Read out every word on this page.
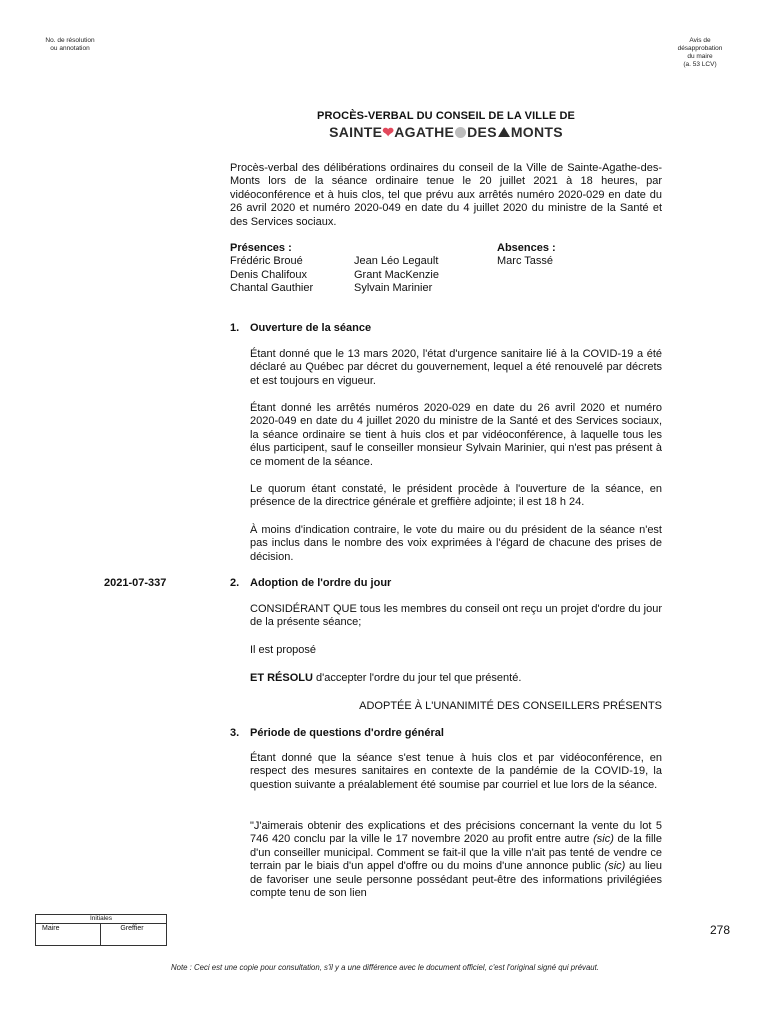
No. de résolution
ou annotation
Avis de
désapprobation
du maire
(a. 53 LCV)
PROCÈS-VERBAL DU CONSEIL DE LA VILLE DE
SAINTE❤AGATHE DES MONTS
Procès-verbal des délibérations ordinaires du conseil de la Ville de Sainte-Agathe-des-Monts lors de la séance ordinaire tenue le 20 juillet 2021 à 18 heures, par vidéoconférence et à huis clos, tel que prévu aux arrêtés numéro 2020-029 en date du 26 avril 2020 et numéro 2020-049 en date du 4 juillet 2020 du ministre de la Santé et des Services sociaux.
Présences :
Frédéric Broué
Denis Chalifoux
Chantal Gauthier
Jean Léo Legault
Grant MacKenzie
Sylvain Marinier
Absences :
Marc Tassé
1. Ouverture de la séance
Étant donné que le 13 mars 2020, l'état d'urgence sanitaire lié à la COVID-19 a été déclaré au Québec par décret du gouvernement, lequel a été renouvelé par décrets et est toujours en vigueur.
Étant donné les arrêtés numéros 2020-029 en date du 26 avril 2020 et numéro 2020-049 en date du 4 juillet 2020 du ministre de la Santé et des Services sociaux, la séance ordinaire se tient à huis clos et par vidéoconférence, à laquelle tous les élus participent, sauf le conseiller monsieur Sylvain Marinier, qui n'est pas présent à ce moment de la séance.
Le quorum étant constaté, le président procède à l'ouverture de la séance, en présence de la directrice générale et greffière adjointe; il est 18 h 24.
À moins d'indication contraire, le vote du maire ou du président de la séance n'est pas inclus dans le nombre des voix exprimées à l'égard de chacune des prises de décision.
2021-07-337	2. Adoption de l'ordre du jour
CONSIDÉRANT QUE tous les membres du conseil ont reçu un projet d'ordre du jour de la présente séance;
Il est proposé
ET RÉSOLU d'accepter l'ordre du jour tel que présenté.
ADOPTÉE À L'UNANIMITÉ DES CONSEILLERS PRÉSENTS
3. Période de questions d'ordre général
Étant donné que la séance s'est tenue à huis clos et par vidéoconférence, en respect des mesures sanitaires en contexte de la pandémie de la COVID-19, la question suivante a préalablement été soumise par courriel et lue lors de la séance.
"J'aimerais obtenir des explications et des précisions concernant la vente du lot 5 746 420 conclu par la ville le 17 novembre 2020 au profit entre autre (sic) de la fille d'un conseiller municipal. Comment se fait-il que la ville n'ait pas tenté de vendre ce terrain par le biais d'un appel d'offre ou du moins d'une annonce public (sic) au lieu de favoriser une seule personne possédant peut-être des informations privilégiées compte tenu de son lien
Initiales
Maire	Greffier	278
Note : Ceci est une copie pour consultation, s'il y a une différence avec le document officiel, c'est l'original signé qui prévaut.
